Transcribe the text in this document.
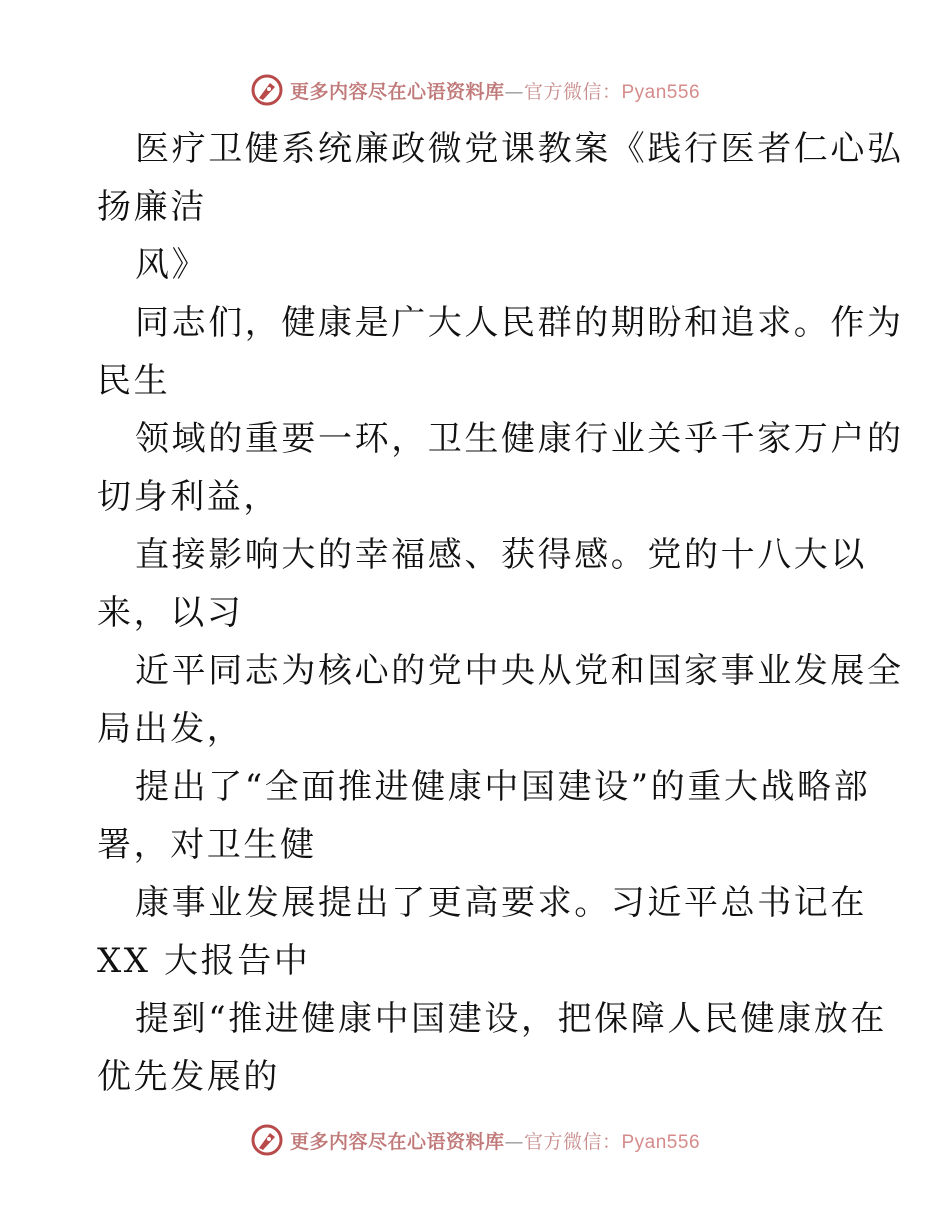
更多内容尽在心语资料库—官方微信：Pyan556
医疗卫健系统廉政微党课教案《践行医者仁心弘
扬廉洁
风》
同志们，健康是广大人民群的期盼和追求。作为
民生
领域的重要一环，卫生健康行业关乎千家万户的
切身利益，
直接影响大的幸福感、获得感。党的十八大以
来，以习
近平同志为核心的党中央从党和国家事业发展全
局出发，
提出了“全面推进健康中国建设”的重大战略部
署，对卫生健
康事业发展提出了更高要求。习近平总书记在
XX 大报告中
提到“推进健康中国建设，把保障人民健康放在
优先发展的
更多内容尽在心语资料库—官方微信：Pyan556
